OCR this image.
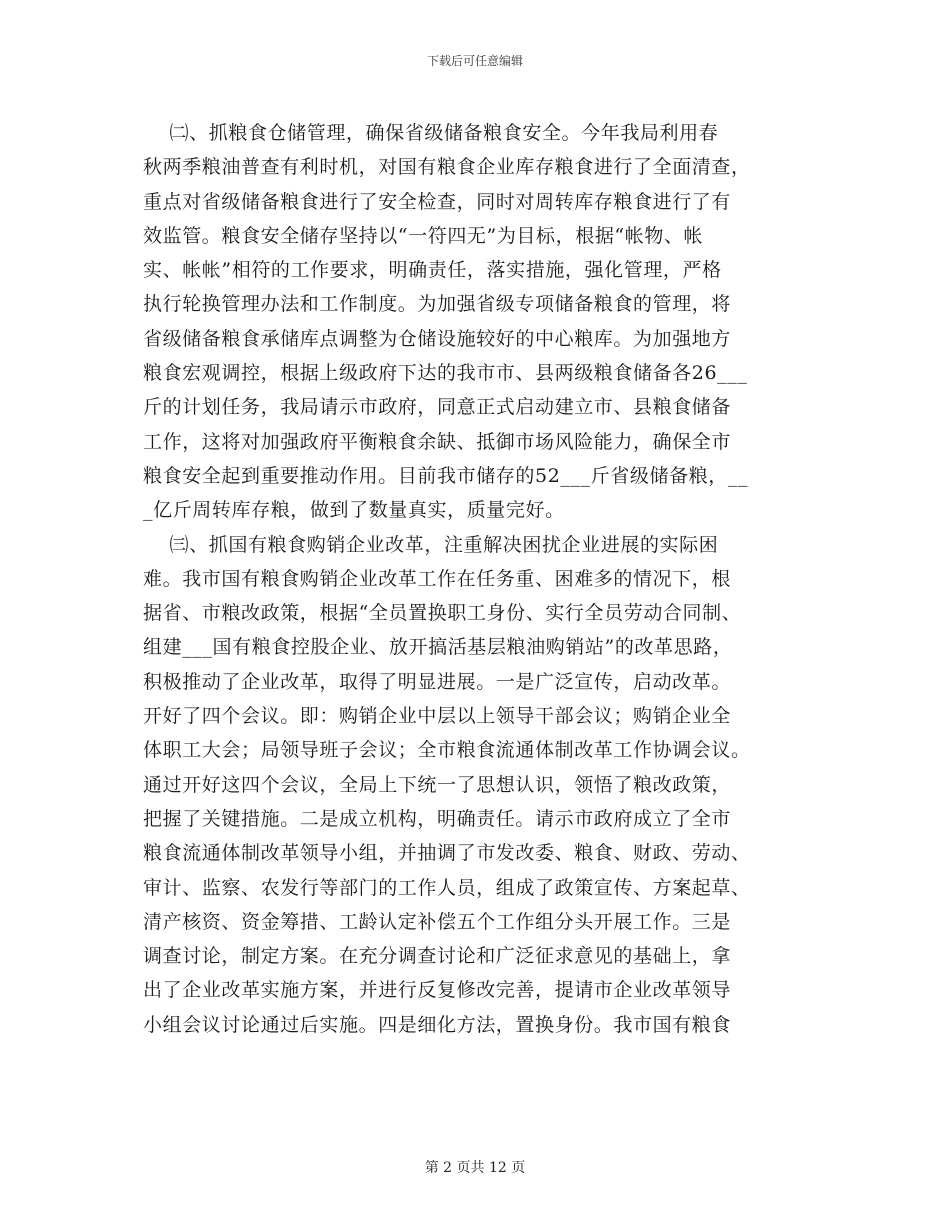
下载后可任意编辑
㈡、抓粮食仓储管理，确保省级储备粮食安全。今年我局利用春
秋两季粮油普查有利时机，对国有粮食企业库存粮食进行了全面清查，
重点对省级储备粮食进行了安全检查，同时对周转库存粮食进行了有
效监管。粮食安全储存坚持以“一符四无”为目标，根据“帐物、帐
实、帐帐”相符的工作要求，明确责任，落实措施，强化管理，严格
执行轮换管理办法和工作制度。为加强省级专项储备粮食的管理，将
省级储备粮食承储库点调整为仓储设施较好的中心粮库。为加强地方
粮食宏观调控，根据上级政府下达的我市市、县两级粮食储备各26___
斤的计划任务，我局请示市政府，同意正式启动建立市、县粮食储备
工作，这将对加强政府平衡粮食余缺、抵御市场风险能力，确保全市
粮食安全起到重要推动作用。目前我市储存的52___斤省级储备粮，__
_亿斤周转库存粮，做到了数量真实，质量完好。
㈢、抓国有粮食购销企业改革，注重解决困扰企业进展的实际困
难。我市国有粮食购销企业改革工作在任务重、困难多的情况下，根
据省、市粮改政策，根据“全员置换职工身份、实行全员劳动合同制、
组建___国有粮食控股企业、放开搞活基层粮油购销站”的改革思路，
积极推动了企业改革，取得了明显进展。一是广泛宣传，启动改革。
开好了四个会议。即：购销企业中层以上领导干部会议；购销企业全
体职工大会；局领导班子会议；全市粮食流通体制改革工作协调会议。
通过开好这四个会议，全局上下统一了思想认识，领悟了粮改政策，
把握了关键措施。二是成立机构，明确责任。请示市政府成立了全市
粮食流通体制改革领导小组，并抽调了市发改委、粮食、财政、劳动、
审计、监察、农发行等部门的工作人员，组成了政策宣传、方案起草、
清产核资、资金筹措、工龄认定补偿五个工作组分头开展工作。三是
调查讨论，制定方案。在充分调查讨论和广泛征求意见的基础上，拿
出了企业改革实施方案，并进行反复修改完善，提请市企业改革领导
小组会议讨论通过后实施。四是细化方法，置换身份。我市国有粮食
第 2 页共 12 页
